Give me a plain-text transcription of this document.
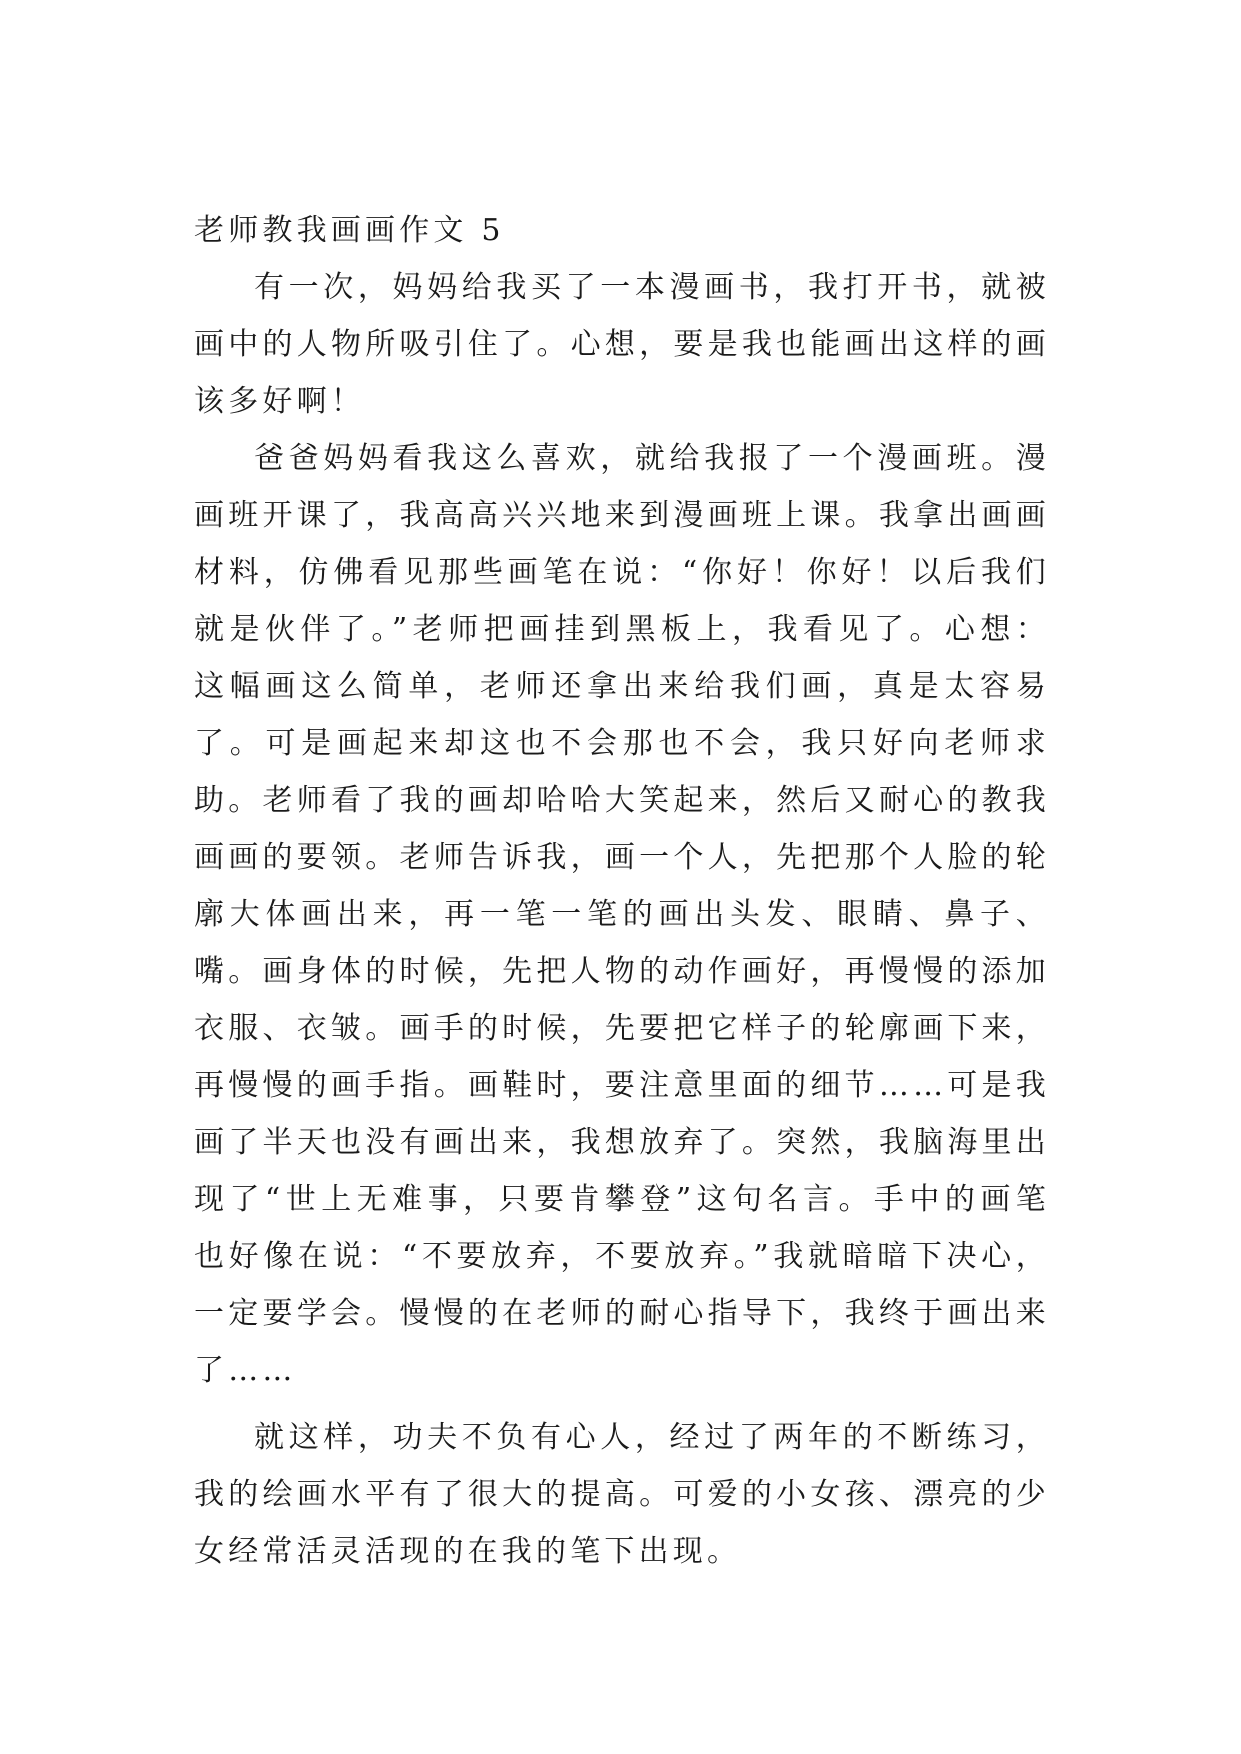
老师教我画画作文 5

有一次，妈妈给我买了一本漫画书，我打开书，就被画中的人物所吸引住了。心想，要是我也能画出这样的画该多好啊！

爸爸妈妈看我这么喜欢，就给我报了一个漫画班。漫画班开课了，我高高兴兴地来到漫画班上课。我拿出画画材料，仿佛看见那些画笔在说：“你好！你好！以后我们就是伙伴了。”老师把画挂到黑板上，我看见了。心想：这幅画这么简单，老师还拿出来给我们画，真是太容易了。可是画起来却这也不会那也不会，我只好向老师求助。老师看了我的画却哈哈大笑起来，然后又耐心的教我画画的要领。老师告诉我，画一个人，先把那个人脸的轮廓大体画出来，再一笔一笔的画出头发、眼睛、鼻子、嘴。画身体的时候，先把人物的动作画好，再慢慢的添加衣服、衣皱。画手的时候，先要把它样子的轮廓画下来，再慢慢的画手指。画鞋时，要注意里面的细节……可是我画了半天也没有画出来，我想放弃了。突然，我脑海里出现了“世上无难事，只要肯攀登”这句名言。手中的画笔也好像在说：“不要放弃，不要放弃。”我就暗暗下决心，一定要学会。慢慢的在老师的耐心指导下，我终于画出来了……

就这样，功夫不负有心人，经过了两年的不断练习，我的绘画水平有了很大的提高。可爱的小女孩、漂亮的少女经常活灵活现的在我的笔下出现。
